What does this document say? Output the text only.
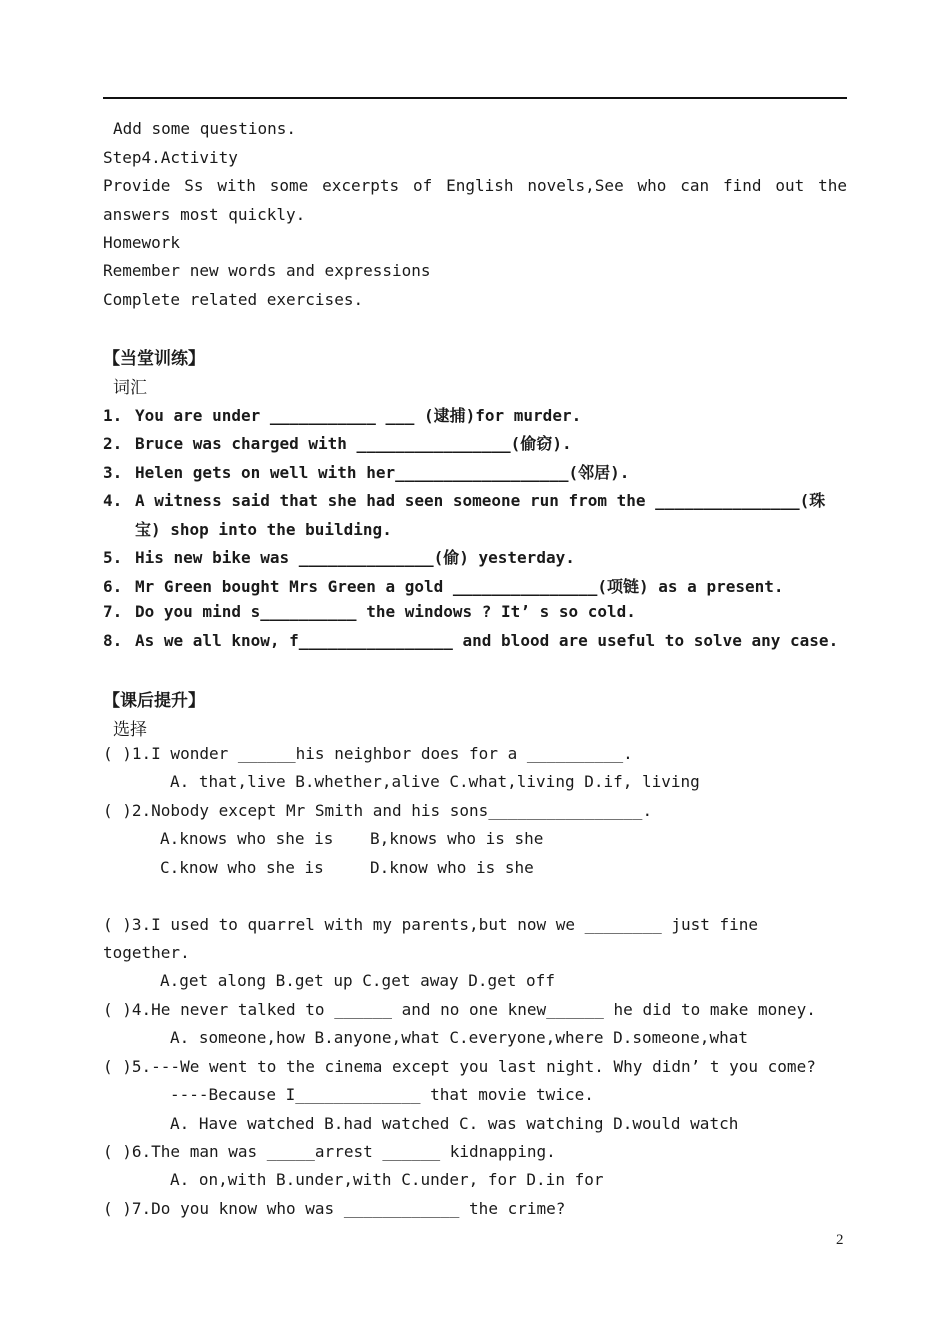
Add some questions.
Step4.Activity
Provide Ss with some excerpts of English novels,See who can find out the
answers most quickly.
Homework
Remember new words and expressions
Complete related exercises.
【当堂训练】
词汇
1. You are under ___________ ___ (逮捕)for murder.
2. Bruce was charged with ________________(偷窃).
3. Helen gets on well with her__________________(邻居).
4. A witness said that she had seen someone run from the _______________(珠
宝) shop into the building.
5. His new bike was ______________(偷) yesterday.
6. Mr Green bought Mrs Green a gold _______________(项链) as a present.
7. Do you mind s__________ the windows ? It’ s so cold.
8. As we all know, f________________ and blood are useful to solve any case.
【课后提升】
选择
( )1.I wonder ______his neighbor does for a __________.
A. that,live B.whether,alive C.what,living D.if, living
( )2.Nobody except Mr Smith and his sons________________.
A.knows who she is B,knows who is she
C.know who she is	D.know who is she
( )3.I used to quarrel with my parents,but now we ________ just fine
together.
A.get along B.get up C.get away D.get off
( )4.He never talked to ______ and no one knew______ he did to make money.
A. someone,how B.anyone,what C.everyone,where D.someone,what
( )5.---We went to the cinema except you last night. Why didn’ t you come?
----Because I_____________ that movie twice.
A. Have watched B.had watched C. was watching D.would watch
( )6.The man was _____arrest ______ kidnapping.
A. on,with B.under,with C.under, for D.in for
( )7.Do you know who was ____________ the crime?
2
